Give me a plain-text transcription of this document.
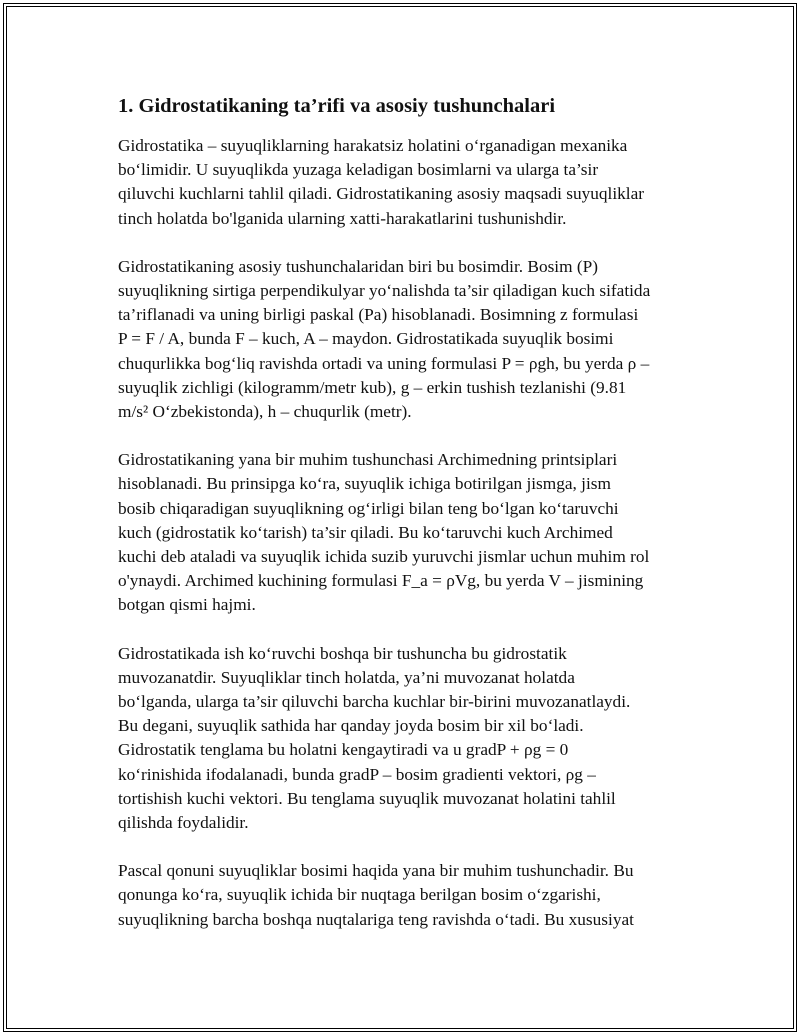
1. Gidrostatikaning ta’rifi va asosiy tushunchalari

Gidrostatika – suyuqliklarning harakatsiz holatini o‘rganadigan mexanika
bo‘limidir. U suyuqlikda yuzaga keladigan bosimlarni va ularga ta’sir
qiluvchi kuchlarni tahlil qiladi. Gidrostatikaning asosiy maqsadi suyuqliklar
tinch holatda bo'lganida ularning xatti-harakatlarini tushunishdir.

Gidrostatikaning asosiy tushunchalaridan biri bu bosimdir. Bosim (P)
suyuqlikning sirtiga perpendikulyar yo‘nalishda ta’sir qiladigan kuch sifatida
ta’riflanadi va uning birligi paskal (Pa) hisoblanadi. Bosimning z formulasi
P = F / A, bunda F – kuch, A – maydon. Gidrostatikada suyuqlik bosimi
chuqurlikka bog‘liq ravishda ortadi va uning formulasi P = ρgh, bu yerda ρ –
suyuqlik zichligi (kilogramm/metr kub), g – erkin tushish tezlanishi (9.81
m/s² O‘zbekistonda), h – chuqurlik (metr).

Gidrostatikaning yana bir muhim tushunchasi Archimedning printsiplari
hisoblanadi. Bu prinsipga ko‘ra, suyuqlik ichiga botirilgan jismga, jism
bosib chiqaradigan suyuqlikning og‘irligi bilan teng bo‘lgan ko‘taruvchi
kuch (gidrostatik ko‘tarish) ta’sir qiladi. Bu ko‘taruvchi kuch Archimed
kuchi deb ataladi va suyuqlik ichida suzib yuruvchi jismlar uchun muhim rol
o'ynaydi. Archimed kuchining formulasi F_a = ρVg, bu yerda V – jismining
botgan qismi hajmi.

Gidrostatikada ish ko‘ruvchi boshqa bir tushuncha bu gidrostatik
muvozanatdir. Suyuqliklar tinch holatda, ya’ni muvozanat holatda
bo‘lganda, ularga ta’sir qiluvchi barcha kuchlar bir-birini muvozanatlaydi.
Bu degani, suyuqlik sathida har qanday joyda bosim bir xil bo‘ladi.
Gidrostatik tenglama bu holatni kengaytiradi va u gradP + ρg = 0
ko‘rinishida ifodalanadi, bunda gradP – bosim gradienti vektori, ρg –
tortishish kuchi vektori. Bu tenglama suyuqlik muvozanat holatini tahlil
qilishda foydalidir.

Pascal qonuni suyuqliklar bosimi haqida yana bir muhim tushunchadir. Bu
qonunga ko‘ra, suyuqlik ichida bir nuqtaga berilgan bosim o‘zgarishi,
suyuqlikning barcha boshqa nuqtalariga teng ravishda o‘tadi. Bu xususiyat
